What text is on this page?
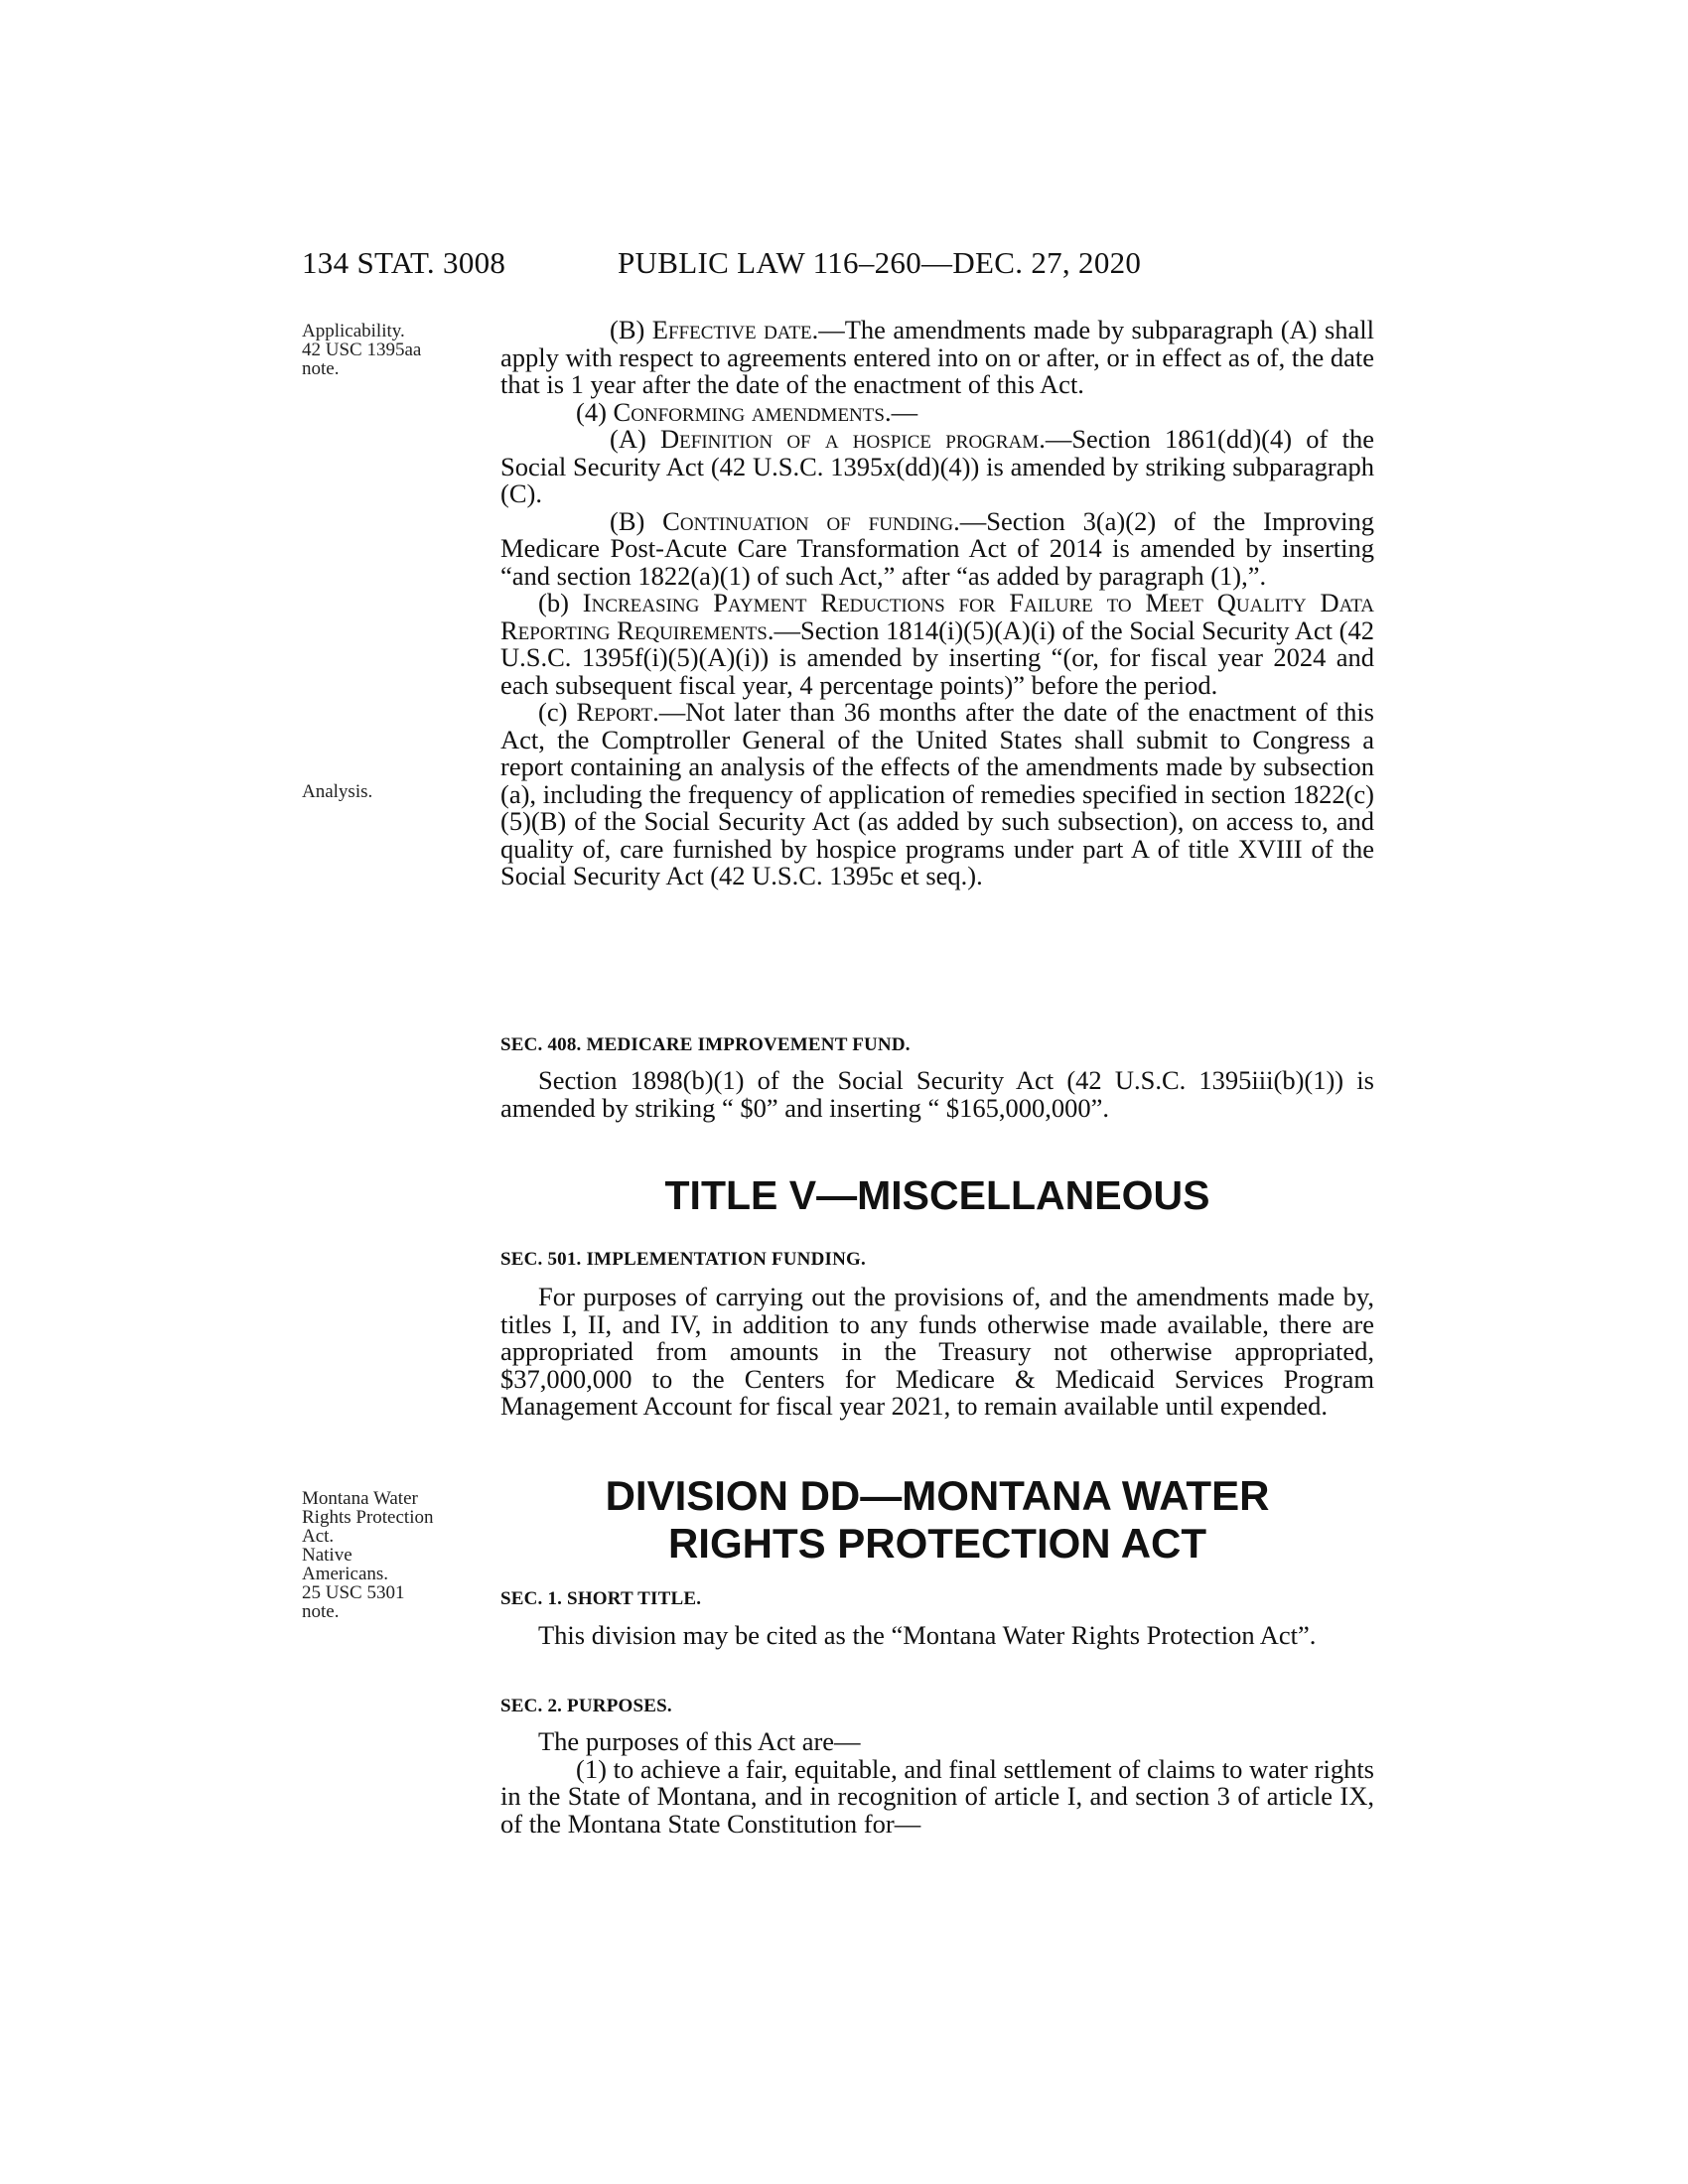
134 STAT. 3008	PUBLIC LAW 116–260—DEC. 27, 2020
Applicability.
42 USC 1395aa
note.

(B) Effective date.—The amendments made by subparagraph (A) shall apply with respect to agreements entered into on or after, or in effect as of, the date that is 1 year after the date of the enactment of this Act.

(4) Conforming amendments.—

(A) Definition of a hospice program.—Section 1861(dd)(4) of the Social Security Act (42 U.S.C. 1395x(dd)(4)) is amended by striking subparagraph (C).

(B) Continuation of funding.—Section 3(a)(2) of the Improving Medicare Post-Acute Care Transformation Act of 2014 is amended by inserting “and section 1822(a)(1) of such Act,” after “as added by paragraph (1),”.

(b) Increasing Payment Reductions for Failure to Meet Quality Data Reporting Requirements.—Section 1814(i)(5)(A)(i) of the Social Security Act (42 U.S.C. 1395f(i)(5)(A)(i)) is amended by inserting “(or, for fiscal year 2024 and each subsequent fiscal year, 4 percentage points)” before the period.

(c) Report.—Not later than 36 months after the date of the enactment of this Act, the Comptroller General of the United States shall submit to Congress a report containing an analysis of the effects of the amendments made by subsection (a), including the frequency of application of remedies specified in section 1822(c)(5)(B) of the Social Security Act (as added by such subsection), on access to, and quality of, care furnished by hospice programs under part A of title XVIII of the Social Security Act (42 U.S.C. 1395c et seq.).

Analysis.
SEC. 408. MEDICARE IMPROVEMENT FUND.

Section 1898(b)(1) of the Social Security Act (42 U.S.C. 1395iii(b)(1)) is amended by striking “ $0” and inserting “ $165,000,000”.

TITLE V—MISCELLANEOUS
SEC. 501. IMPLEMENTATION FUNDING.

For purposes of carrying out the provisions of, and the amendments made by, titles I, II, and IV, in addition to any funds otherwise made available, there are appropriated from amounts in the Treasury not otherwise appropriated, $37,000,000 to the Centers for Medicare & Medicaid Services Program Management Account for fiscal year 2021, to remain available until expended.

Montana Water
Rights Protection
Act.
Native
Americans.
25 USC 5301
note.
DIVISION DD—MONTANA WATER
RIGHTS PROTECTION ACT
SEC. 1. SHORT TITLE.

This division may be cited as the “Montana Water Rights Protection Act”.

SEC. 2. PURPOSES.

The purposes of this Act are—

(1) to achieve a fair, equitable, and final settlement of claims to water rights in the State of Montana, and in recognition of article I, and section 3 of article IX, of the Montana State Constitution for—
